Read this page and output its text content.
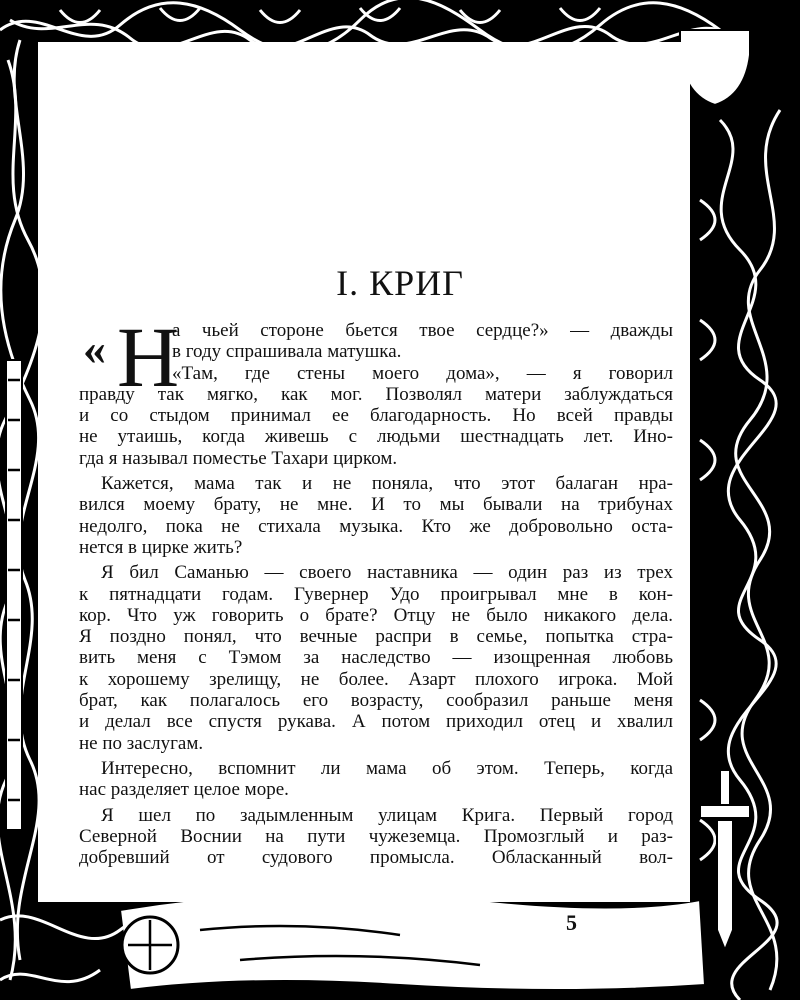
I. КРИГ
« Н
а чьей стороне бьется твое сердце?» — дважды
в году спрашивала матушка.
«Там, где стены моего дома», — я говорил
правду так мягко, как мог. Позволял матери заблуждаться
и со стыдом принимал ее благодарность. Но всей правды
не утаишь, когда живешь с людьми шестнадцать лет. Ино-
гда я называл поместье Тахари цирком.
Кажется, мама так и не поняла, что этот балаган нра-
вился моему брату, не мне. И то мы бывали на трибунах
недолго, пока не стихала музыка. Кто же добровольно оста-
нется в цирке жить?
Я бил Саманью — своего наставника — один раз из трех
к пятнадцати годам. Гувернер Удо проигрывал мне в кон-
кор. Что уж говорить о брате? Отцу не было никакого дела.
Я поздно понял, что вечные распри в семье, попытка стра-
вить меня с Тэмом за наследство — изощренная любовь
к хорошему зрелищу, не более. Азарт плохого игрока. Мой
брат, как полагалось его возрасту, сообразил раньше меня
и делал все спустя рукава. А потом приходил отец и хвалил
не по заслугам.
Интересно, вспомнит ли мама об этом. Теперь, когда
нас разделяет целое море.
Я шел по задымленным улицам Крига. Первый город
Северной Воснии на пути чужеземца. Промозглый и раз-
добревший от судового промысла. Обласканный вол-
5
